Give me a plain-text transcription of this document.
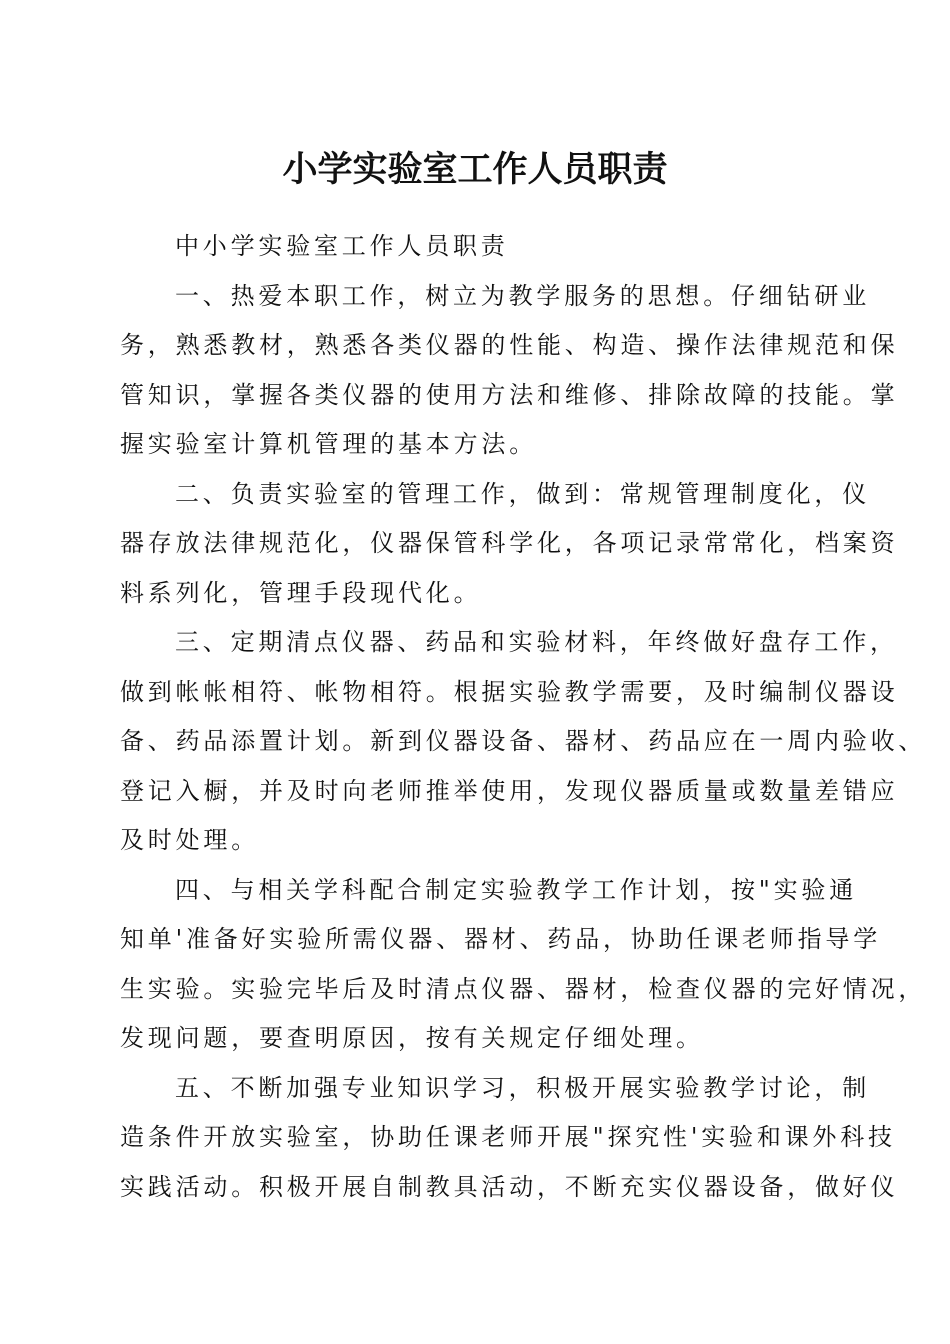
小学实验室工作人员职责

中小学实验室工作人员职责

一、热爱本职工作，树立为教学服务的思想。仔细钻研业
务，熟悉教材，熟悉各类仪器的性能、构造、操作法律规范和保
管知识，掌握各类仪器的使用方法和维修、排除故障的技能。掌
握实验室计算机管理的基本方法。

二、负责实验室的管理工作，做到：常规管理制度化，仪
器存放法律规范化，仪器保管科学化，各项记录常常化，档案资
料系列化，管理手段现代化。

三、定期清点仪器、药品和实验材料，年终做好盘存工作，
做到帐帐相符、帐物相符。根据实验教学需要，及时编制仪器设
备、药品添置计划。新到仪器设备、器材、药品应在一周内验收、
登记入橱，并及时向老师推举使用，发现仪器质量或数量差错应
及时处理。

四、与相关学科配合制定实验教学工作计划，按"实验通
知单'准备好实验所需仪器、器材、药品，协助任课老师指导学
生实验。实验完毕后及时清点仪器、器材，检查仪器的完好情况，
发现问题，要查明原因，按有关规定仔细处理。

五、不断加强专业知识学习，积极开展实验教学讨论，制
造条件开放实验室，协助任课老师开展"探究性'实验和课外科技
实践活动。积极开展自制教具活动，不断充实仪器设备，做好仪
